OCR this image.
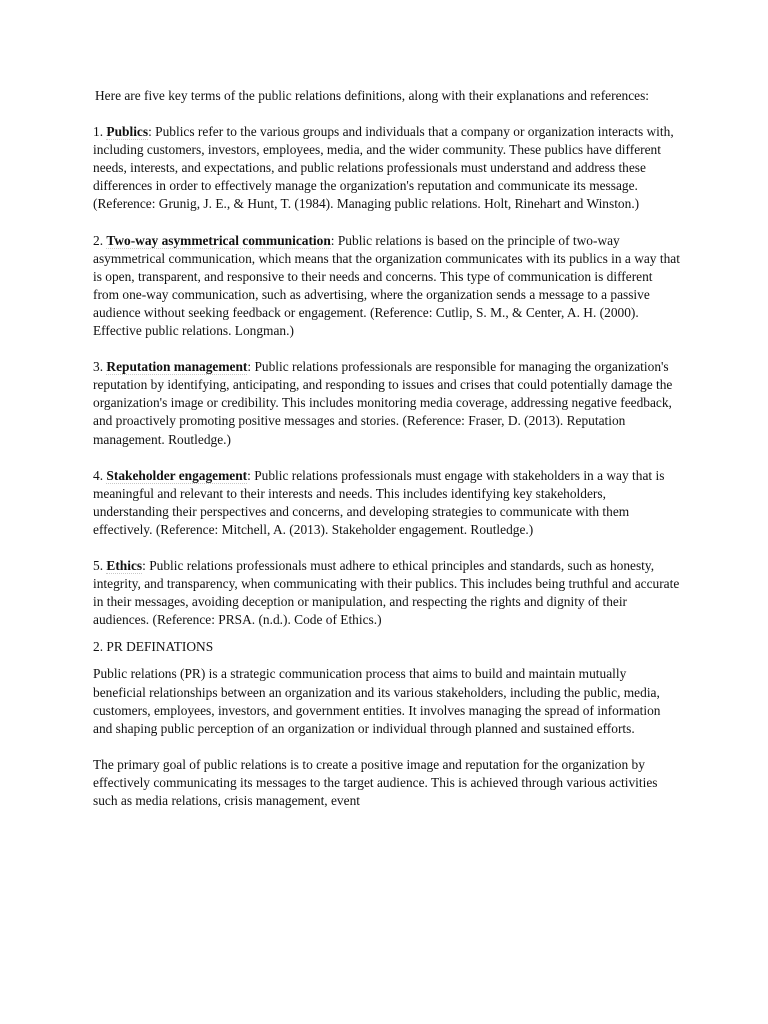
Here are five key terms of the public relations definitions, along with their explanations and references:

1. Publics: Publics refer to the various groups and individuals that a company or organization interacts with, including customers, investors, employees, media, and the wider community. These publics have different needs, interests, and expectations, and public relations professionals must understand and address these differences in order to effectively manage the organization's reputation and communicate its message. (Reference: Grunig, J. E., & Hunt, T. (1984). Managing public relations. Holt, Rinehart and Winston.)

2. Two-way asymmetrical communication: Public relations is based on the principle of two-way asymmetrical communication, which means that the organization communicates with its publics in a way that is open, transparent, and responsive to their needs and concerns. This type of communication is different from one-way communication, such as advertising, where the organization sends a message to a passive audience without seeking feedback or engagement. (Reference: Cutlip, S. M., & Center, A. H. (2000). Effective public relations. Longman.)

3. Reputation management: Public relations professionals are responsible for managing the organization's reputation by identifying, anticipating, and responding to issues and crises that could potentially damage the organization's image or credibility. This includes monitoring media coverage, addressing negative feedback, and proactively promoting positive messages and stories. (Reference: Fraser, D. (2013). Reputation management. Routledge.)

4. Stakeholder engagement: Public relations professionals must engage with stakeholders in a way that is meaningful and relevant to their interests and needs. This includes identifying key stakeholders, understanding their perspectives and concerns, and developing strategies to communicate with them effectively. (Reference: Mitchell, A. (2013). Stakeholder engagement. Routledge.)

5. Ethics: Public relations professionals must adhere to ethical principles and standards, such as honesty, integrity, and transparency, when communicating with their publics. This includes being truthful and accurate in their messages, avoiding deception or manipulation, and respecting the rights and dignity of their audiences. (Reference: PRSA. (n.d.). Code of Ethics.)

2. PR DEFINATIONS

Public relations (PR) is a strategic communication process that aims to build and maintain mutually beneficial relationships between an organization and its various stakeholders, including the public, media, customers, employees, investors, and government entities. It involves managing the spread of information and shaping public perception of an organization or individual through planned and sustained efforts.

The primary goal of public relations is to create a positive image and reputation for the organization by effectively communicating its messages to the target audience. This is achieved through various activities such as media relations, crisis management, event
